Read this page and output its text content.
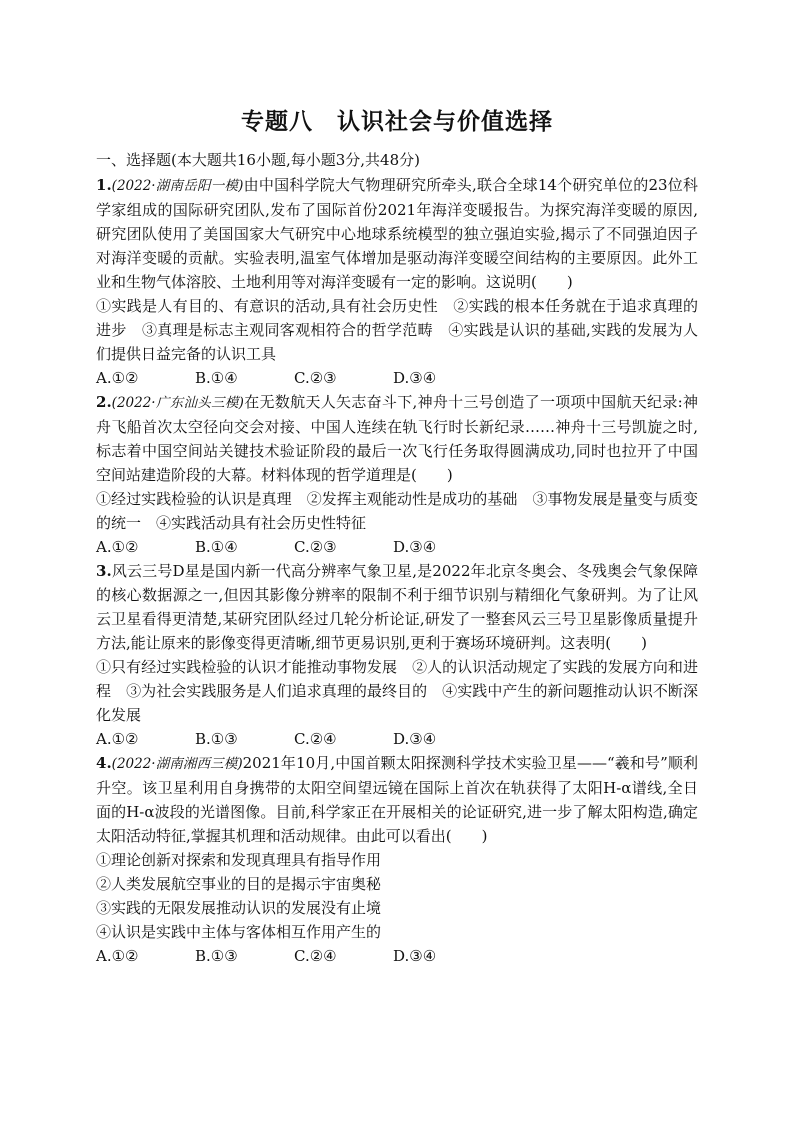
专题八　认识社会与价值选择
一、选择题(本大题共16小题,每小题3分,共48分)
1.(2022·湖南岳阳一模)由中国科学院大气物理研究所牵头,联合全球14个研究单位的23位科学家组成的国际研究团队,发布了国际首份2021年海洋变暖报告。为探究海洋变暖的原因,研究团队使用了美国国家大气研究中心地球系统模型的独立强迫实验,揭示了不同强迫因子对海洋变暖的贡献。实验表明,温室气体增加是驱动海洋变暖空间结构的主要原因。此外工业和生物气体溶胶、土地利用等对海洋变暖有一定的影响。这说明(　　)
①实践是人有目的、有意识的活动,具有社会历史性　②实践的根本任务就在于追求真理的进步　③真理是标志主观同客观相符合的哲学范畴　④实践是认识的基础,实践的发展为人们提供日益完备的认识工具
A.①②	B.①④	C.②③	D.③④
2.(2022·广东汕头三模)在无数航天人矢志奋斗下,神舟十三号创造了一项项中国航天纪录:神舟飞船首次太空径向交会对接、中国人连续在轨飞行时长新纪录……神舟十三号凯旋之时,标志着中国空间站关键技术验证阶段的最后一次飞行任务取得圆满成功,同时也拉开了中国空间站建造阶段的大幕。材料体现的哲学道理是(　　)
①经过实践检验的认识是真理　②发挥主观能动性是成功的基础　③事物发展是量变与质变的统一　④实践活动具有社会历史性特征
A.①②	B.①④	C.②③	D.③④
3.风云三号D星是国内新一代高分辨率气象卫星,是2022年北京冬奥会、冬残奥会气象保障的核心数据源之一,但因其影像分辨率的限制不利于细节识别与精细化气象研判。为了让风云卫星看得更清楚,某研究团队经过几轮分析论证,研发了一整套风云三号卫星影像质量提升方法,能让原来的影像变得更清晰,细节更易识别,更利于赛场环境研判。这表明(　　)
①只有经过实践检验的认识才能推动事物发展　②人的认识活动规定了实践的发展方向和进程　③为社会实践服务是人们追求真理的最终目的　④实践中产生的新问题推动认识不断深化发展
A.①②	B.①③	C.②④	D.③④
4.(2022·湖南湘西三模)2021年10月,中国首颗太阳探测科学技术实验卫星——“羲和号”顺利升空。该卫星利用自身携带的太阳空间望远镜在国际上首次在轨获得了太阳H-α谱线,全日面的H-α波段的光谱图像。目前,科学家正在开展相关的论证研究,进一步了解太阳构造,确定太阳活动特征,掌握其机理和活动规律。由此可以看出(　　)
①理论创新对探索和发现真理具有指导作用
②人类发展航空事业的目的是揭示宇宙奥秘
③实践的无限发展推动认识的发展没有止境
④认识是实践中主体与客体相互作用产生的
A.①②	B.①③	C.②④	D.③④
